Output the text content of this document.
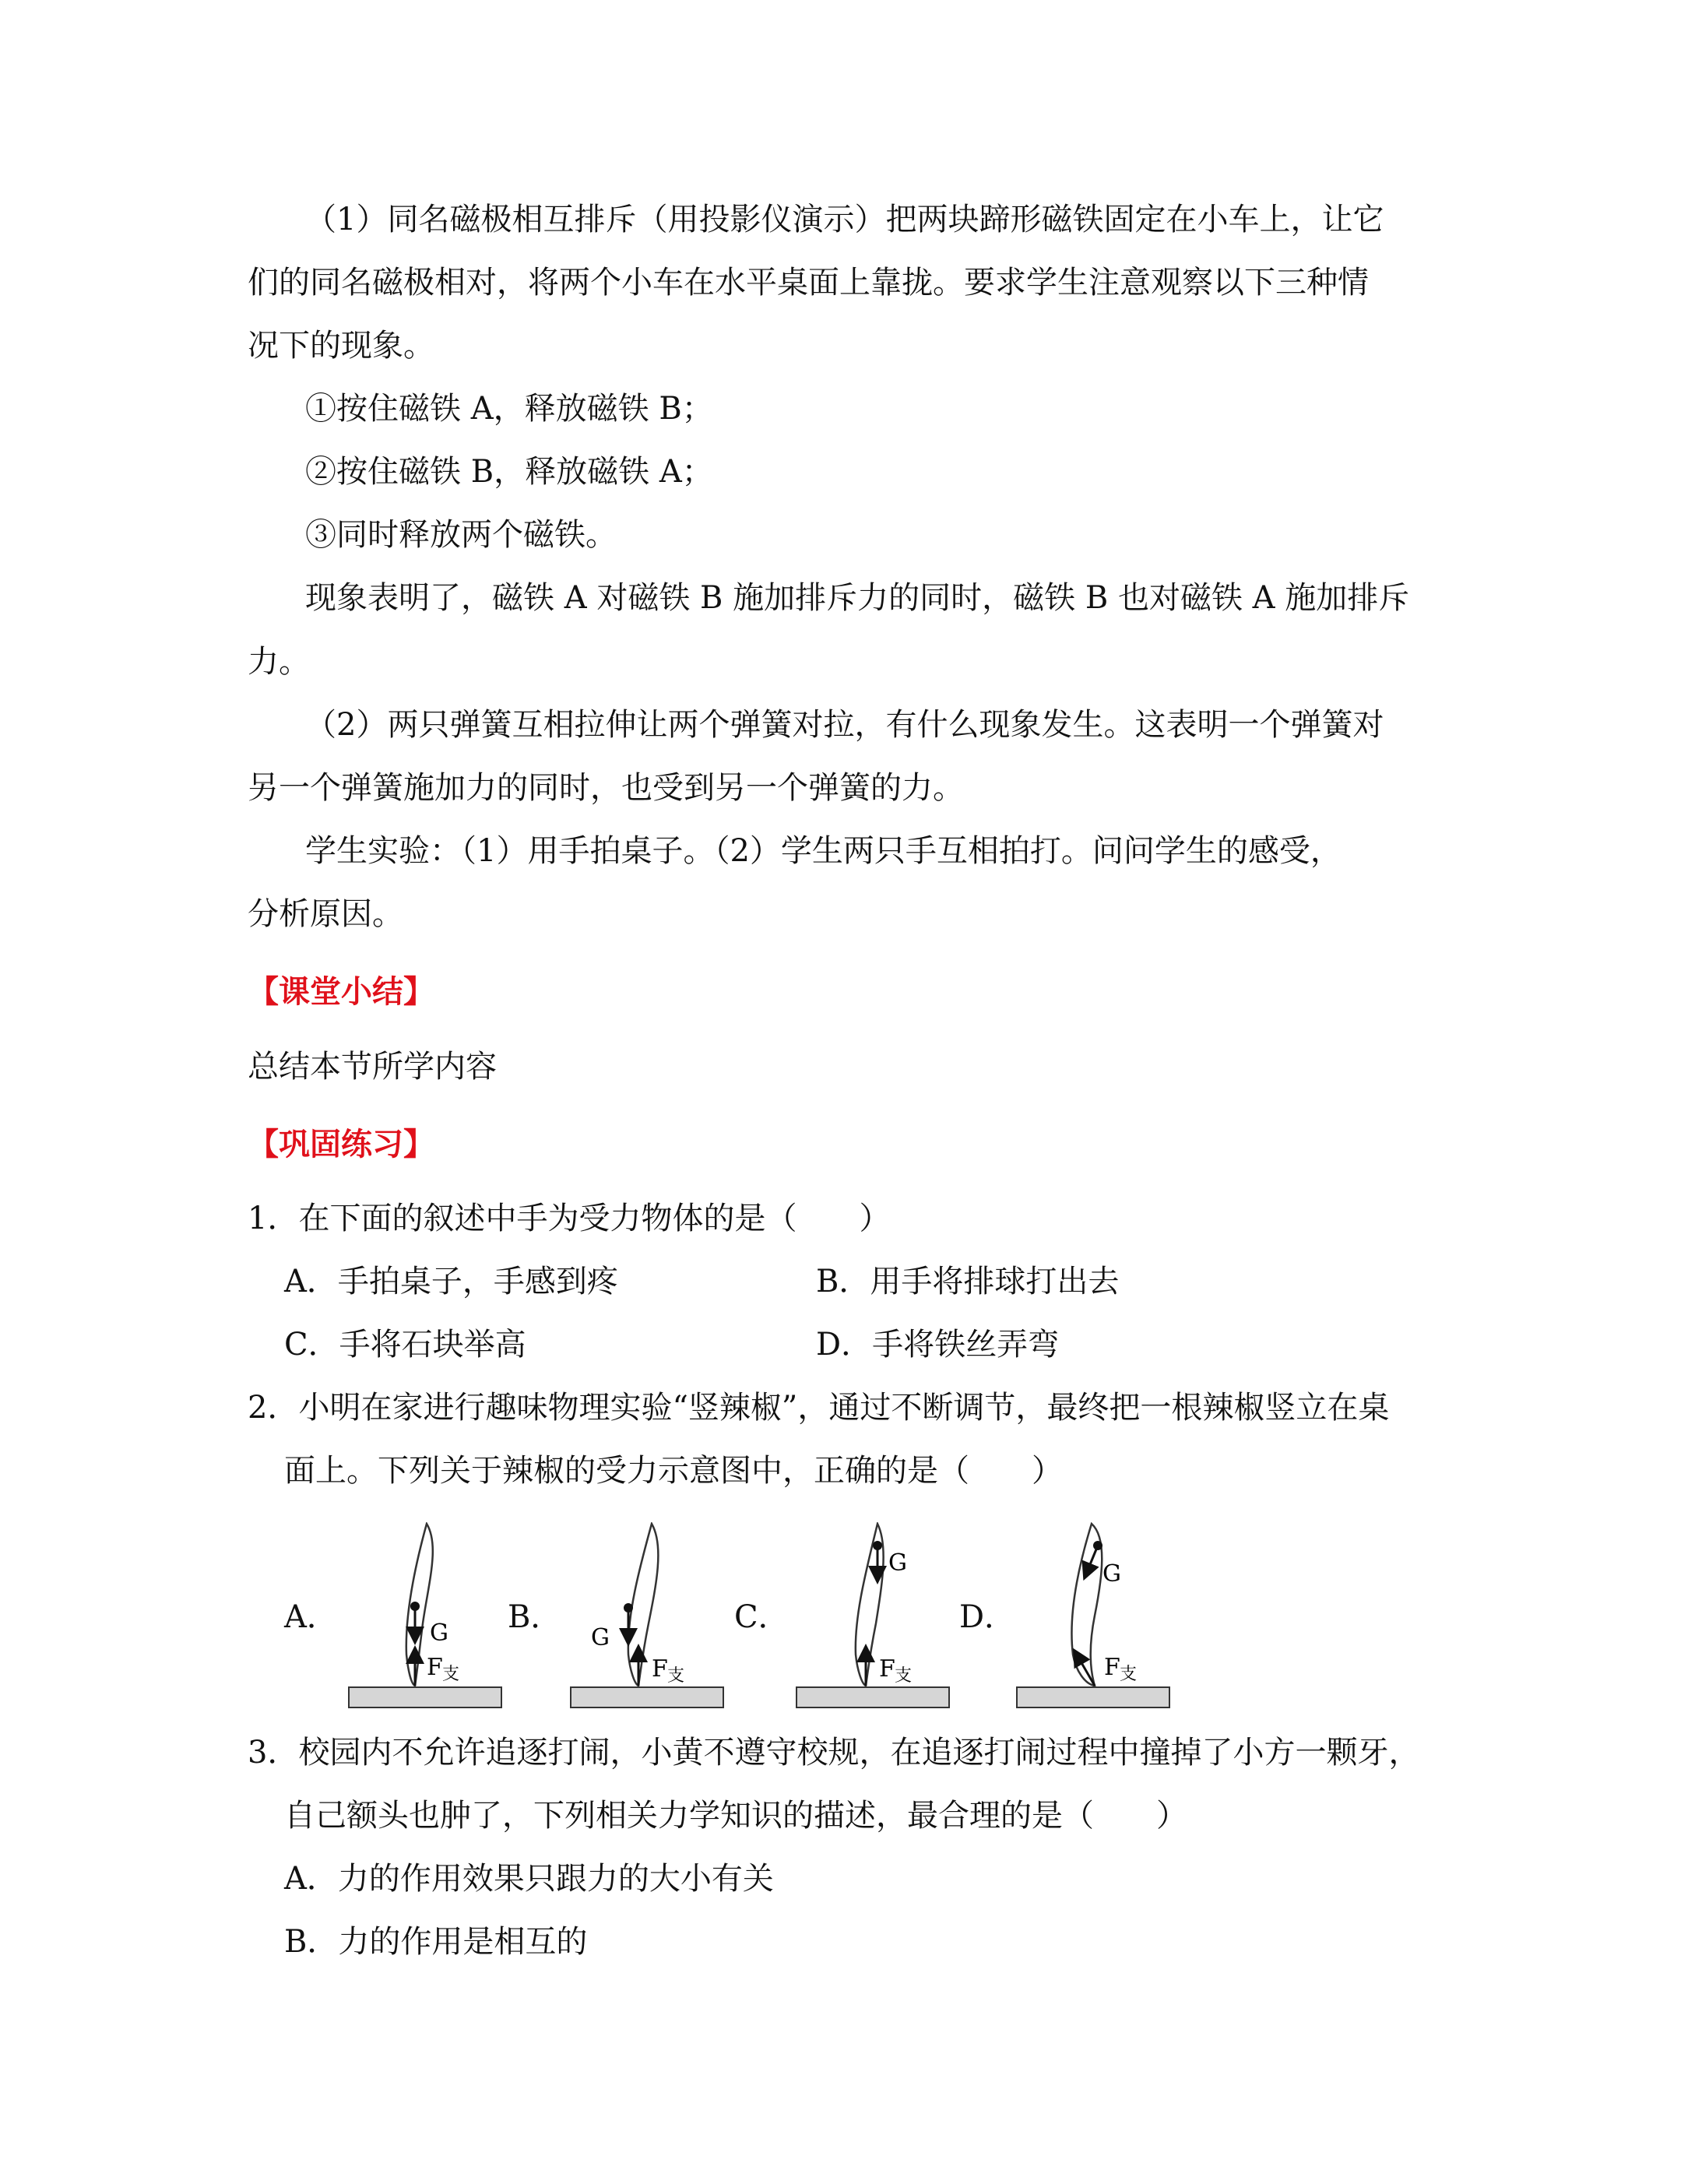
（1）同名磁极相互排斥（用投影仪演示）把两块蹄形磁铁固定在小车上，让它
们的同名磁极相对，将两个小车在水平桌面上靠拢。要求学生注意观察以下三种情
况下的现象。
①按住磁铁 A，释放磁铁 B；
②按住磁铁 B，释放磁铁 A；
③同时释放两个磁铁。
现象表明了，磁铁 A 对磁铁 B 施加排斥力的同时，磁铁 B 也对磁铁 A 施加排斥
力。
（2）两只弹簧互相拉伸让两个弹簧对拉，有什么现象发生。这表明一个弹簧对
另一个弹簧施加力的同时，也受到另一个弹簧的力。
学生实验：（1）用手拍桌子。（2）学生两只手互相拍打。问问学生的感受，
分析原因。
【课堂小结】
总结本节所学内容
【巩固练习】
1．在下面的叙述中手为受力物体的是（　　）
A．手拍桌子，手感到疼	B．用手将排球打出去
C．手将石块举高	D．手将铁丝弄弯
2．小明在家进行趣味物理实验“竖辣椒”，通过不断调节，最终把一根辣椒竖立在桌
面上。下列关于辣椒的受力示意图中，正确的是（　　）
A．	B．	C．	D．
G
F 支
G
F 支
G
F 支
G
F 支
3．校园内不允许追逐打闹，小黄不遵守校规，在追逐打闹过程中撞掉了小方一颗牙，
自己额头也肿了，下列相关力学知识的描述，最合理的是（　　）
A．力的作用效果只跟力的大小有关
B．力的作用是相互的
